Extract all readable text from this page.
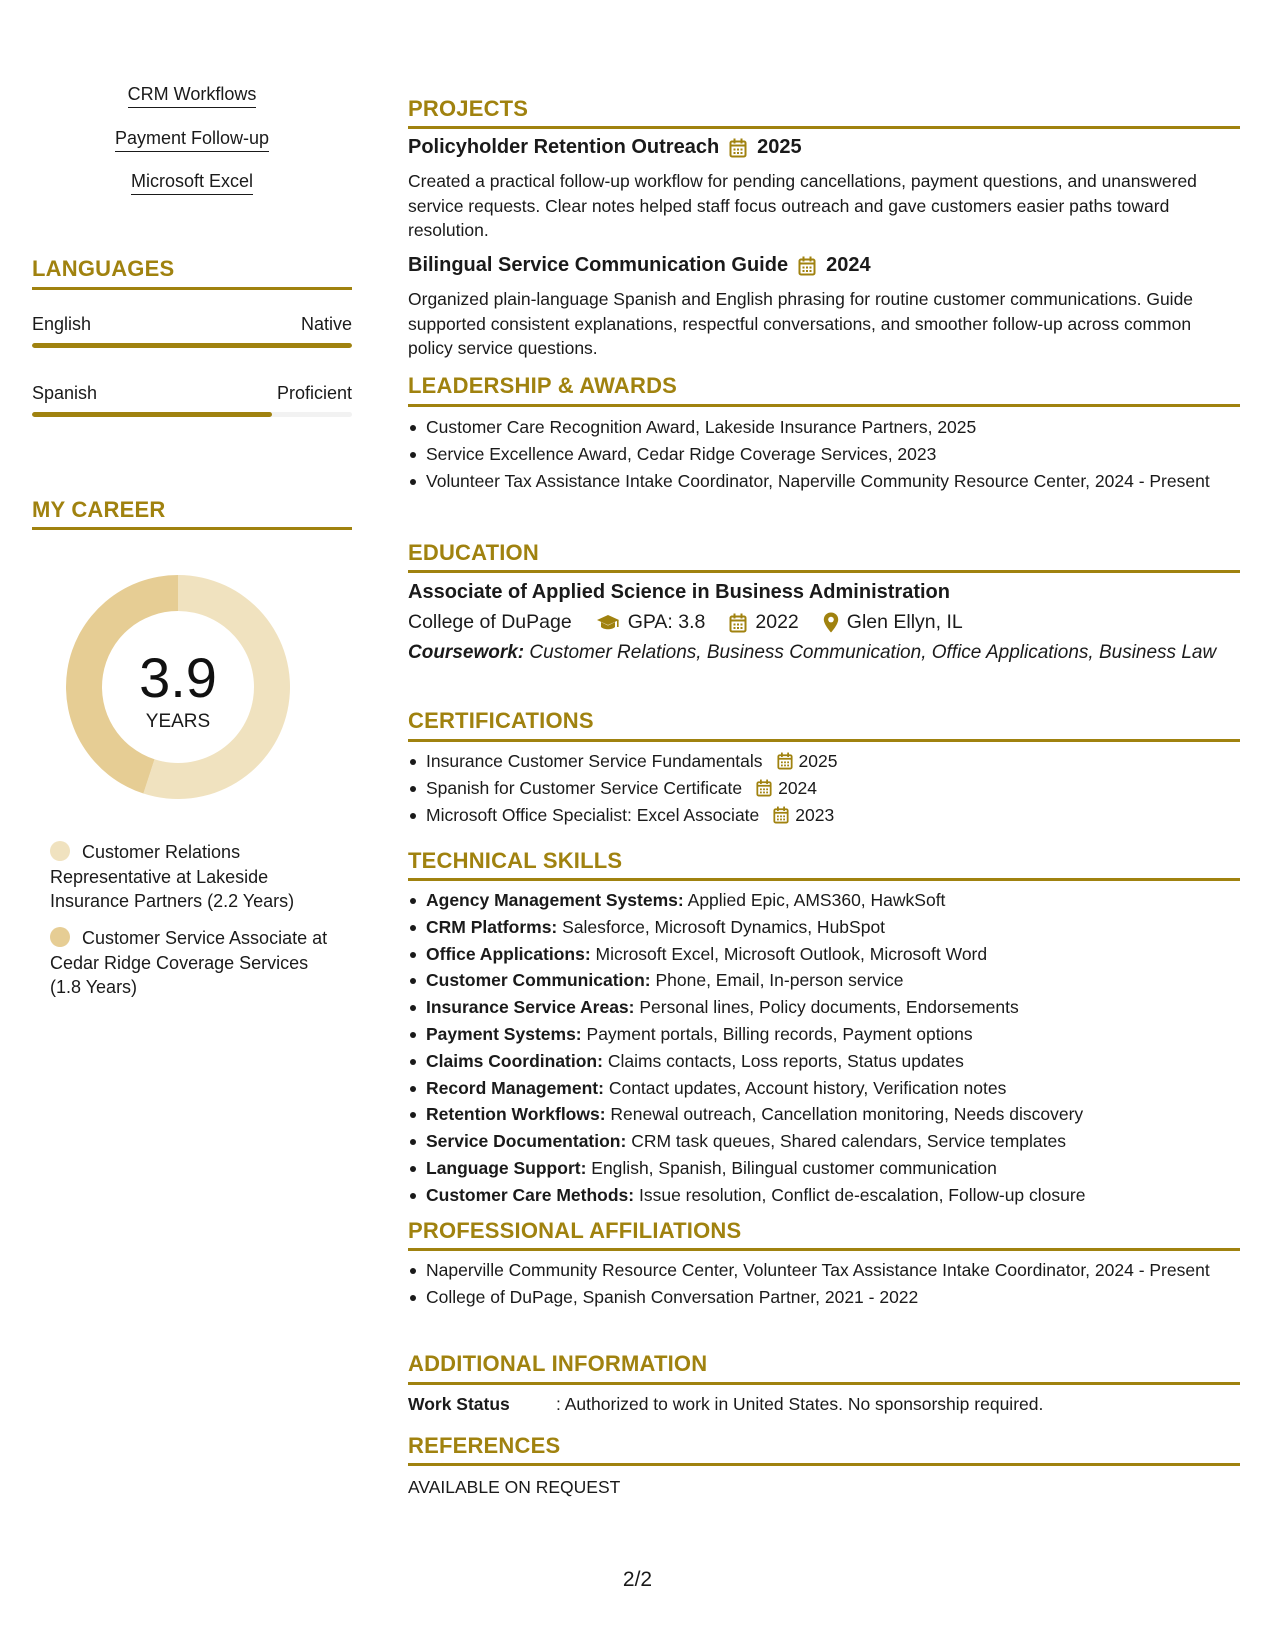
CRM Workflows
Payment Follow-up
Microsoft Excel
LANGUAGES
English	Native
Spanish	Proficient
MY CAREER
3.9
YEARS
Customer Relations Representative at Lakeside Insurance Partners (2.2 Years)
Customer Service Associate at Cedar Ridge Coverage Services (1.8 Years)
PROJECTS
Policyholder Retention Outreach 2025
Created a practical follow-up workflow for pending cancellations, payment questions, and unanswered service requests. Clear notes helped staff focus outreach and gave customers easier paths toward resolution.
Bilingual Service Communication Guide 2024
Organized plain-language Spanish and English phrasing for routine customer communications. Guide supported consistent explanations, respectful conversations, and smoother follow-up across common policy service questions.
LEADERSHIP & AWARDS
Customer Care Recognition Award, Lakeside Insurance Partners, 2025
Service Excellence Award, Cedar Ridge Coverage Services, 2023
Volunteer Tax Assistance Intake Coordinator, Naperville Community Resource Center, 2024 - Present
EDUCATION
Associate of Applied Science in Business Administration
College of DuPage	GPA: 3.8	2022 Glen Ellyn, IL
Coursework: Customer Relations, Business Communication, Office Applications, Business Law
CERTIFICATIONS
Insurance Customer Service Fundamentals 2025
Spanish for Customer Service Certificate 2024
Microsoft Office Specialist: Excel Associate 2023
TECHNICAL SKILLS
Agency Management Systems: Applied Epic, AMS360, HawkSoft
CRM Platforms: Salesforce, Microsoft Dynamics, HubSpot
Office Applications: Microsoft Excel, Microsoft Outlook, Microsoft Word
Customer Communication: Phone, Email, In-person service
Insurance Service Areas: Personal lines, Policy documents, Endorsements
Payment Systems: Payment portals, Billing records, Payment options
Claims Coordination: Claims contacts, Loss reports, Status updates
Record Management: Contact updates, Account history, Verification notes
Retention Workflows: Renewal outreach, Cancellation monitoring, Needs discovery
Service Documentation: CRM task queues, Shared calendars, Service templates
Language Support: English, Spanish, Bilingual customer communication
Customer Care Methods: Issue resolution, Conflict de-escalation, Follow-up closure
PROFESSIONAL AFFILIATIONS
Naperville Community Resource Center, Volunteer Tax Assistance Intake Coordinator, 2024 - Present
College of DuPage, Spanish Conversation Partner, 2021 - 2022
ADDITIONAL INFORMATION
Work Status	: Authorized to work in United States. No sponsorship required.
REFERENCES
AVAILABLE ON REQUEST
2/2
